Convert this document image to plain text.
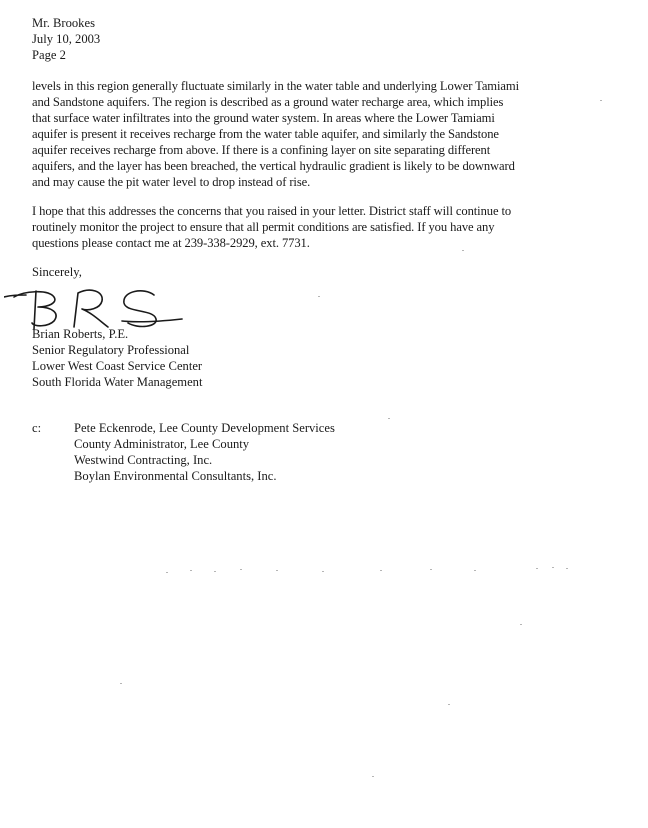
Mr. Brookes
July 10, 2003
Page 2
levels in this region generally fluctuate similarly in the water table and underlying Lower Tamiami
and Sandstone aquifers. The region is described as a ground water recharge area, which implies
that surface water infiltrates into the ground water system. In areas where the Lower Tamiami
aquifer is present it receives recharge from the water table aquifer, and similarly the Sandstone
aquifer receives recharge from above. If there is a confining layer on site separating different
aquifers, and the layer has been breached, the vertical hydraulic gradient is likely to be downward
and may cause the pit water level to drop instead of rise.
I hope that this addresses the concerns that you raised in your letter. District staff will continue to
routinely monitor the project to ensure that all permit conditions are satisfied. If you have any
questions please contact me at 239-338-2929, ext. 7731.
Sincerely,
Brian Roberts, P.E.
Senior Regulatory Professional
Lower West Coast Service Center
South Florida Water Management
c:	Pete Eckenrode, Lee County Development Services
County Administrator, Lee County
Westwind Contracting, Inc.
Boylan Environmental Consultants, Inc.
